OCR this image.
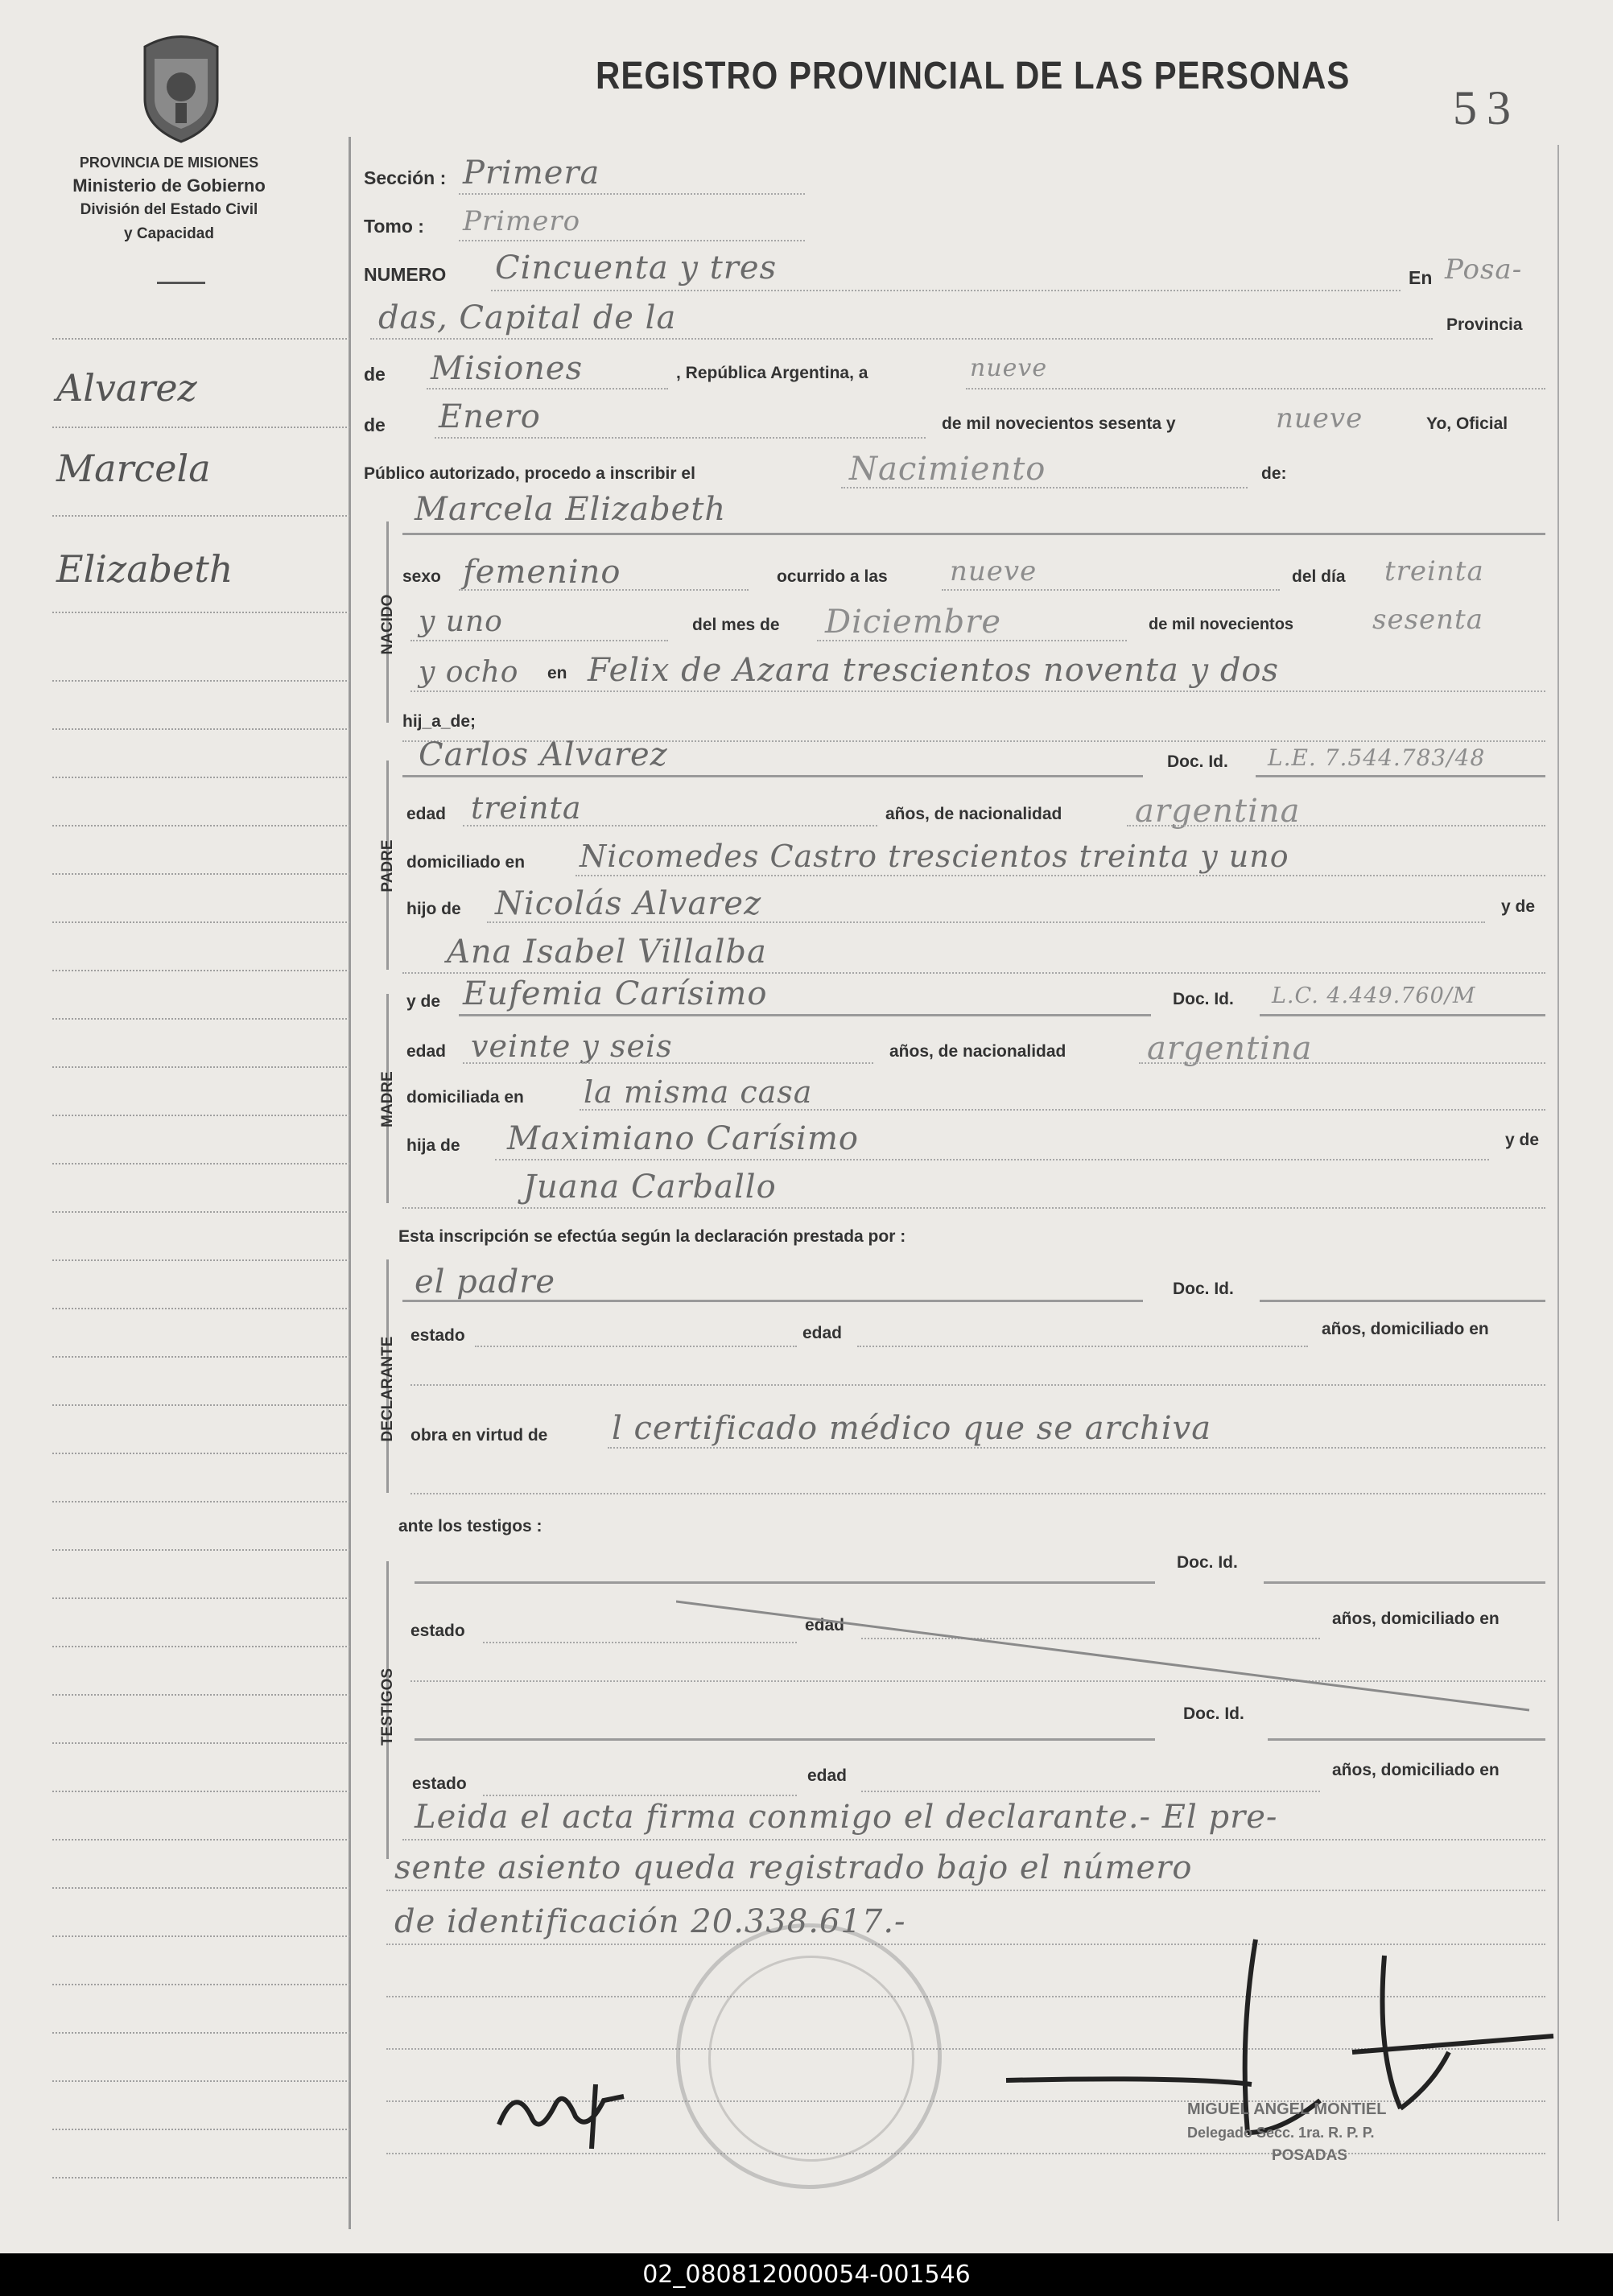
PROVINCIA DE MISIONES
Ministerio de Gobierno
División del Estado Civil
y Capacidad
REGISTRO PROVINCIAL DE LAS PERSONAS
53
Alvarez
Marcela
Elizabeth
Sección : Primera
Tomo : Primero
NUMERO Cincuenta y tres	En Posa-
das, Capital de la	Provincia
de Misiones	, República Argentina, a	nueve
de Enero	de mil novecientos sesenta y	nueve	Yo, Oficial
Público autorizado, procedo a inscribir el	Nacimiento	de:
NACIDO
Marcela Elizabeth
sexo femenino	ocurrido a las nueve	del día treinta
y uno	del mes de Diciembre	de mil novecientos	sesenta
y ocho en Felix de Azara trescientos noventa y dos
hij_a_de;
PADRE
Carlos Alvarez	Doc. Id. L.E. 7.544.783/48
edad treinta	años, de nacionalidad argentina
domiciliado en Nicomedes Castro trescientos treinta y uno
hijo de Nicolás Alvarez	y de
Ana Isabel Villalba
MADRE
y de Eufemia Carísimo	Doc. Id. L.C. 4.449.760/M
edad veinte y seis	años, de nacionalidad	argentina
domiciliada en la misma casa
hija de Maximiano Carísimo	y de
Juana Carballo
Esta inscripción se efectúa según la declaración prestada por :
DECLARANTE
el padre	Doc. Id.
estado	edad	años, domiciliado en
obra en virtud de l certificado médico que se archiva
ante los testigos :
TESTIGOS
Doc. Id.
estado	edad	años, domiciliado en
Doc. Id.
estado	edad	años, domiciliado en
Leida el acta firma conmigo el declarante.- El pre-
sente asiento queda registrado bajo el número
de identificación 20.338.617.-
MIGUEL ANGEL MONTIEL
Delegado Secc. 1ra. R. P. P.
POSADAS
02_080812000054-001546
